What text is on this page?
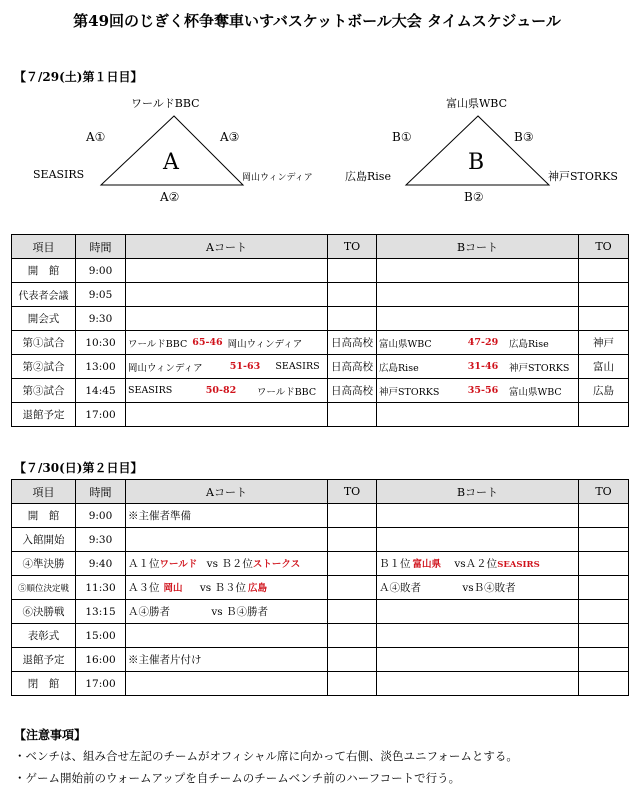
第49回のじぎく杯争奪車いすバスケットボール大会 タイムスケジュール
【７/29(土)第１日目】
ワールドBBC
SEASIRS	岡山ウィンディア
A①	A③
A②
A
富山県WBC
広島Rise	神戸STORKS
B①	B③
B②
B
項目	時間	Aコート	TO	Bコート	TO
開　館	9:00				
代表者会議	9:05				
開会式	9:30				
第①試合	10:30	ワールドBBC 65-46 岡山ウィンディア	日高高校	富山県WBC 47-29 広島Rise	神戸
第②試合	13:00	岡山ウィンディア 51-63 SEASIRS	日高高校	広島Rise 31-46 神戸STORKS	富山
第③試合	14:45	SEASIRS 50-82 ワールドBBC	日高高校	神戸STORKS 35-56 富山県WBC	広島
退館予定	17:00				
【７/30(日)第２日目】
項目	時間	Aコート	TO	Bコート	TO
開　館	9:00	※主催者準備			
入館開始	9:30				
④準決勝	9:40	Ａ１位ワールド vs Ｂ２位ストークス		Ｂ１位 富山県 vsＡ２位SEASIRS	
⑤順位決定戦	11:30	Ａ３位 岡山 vs Ｂ３位 広島		Ａ④敗者 vsＢ④敗者	
⑥決勝戦	13:15	Ａ④勝者 vs Ｂ④勝者			
表彰式	15:00				
退館予定	16:00	※主催者片付け			
閉　館	17:00				
【注意事項】
・ベンチは、組み合せ左記のチームがオフィシャル席に向かって右側、淡色ユニフォームとする。
・ゲーム開始前のウォームアップを自チームのチームベンチ前のハーフコートで行う。
